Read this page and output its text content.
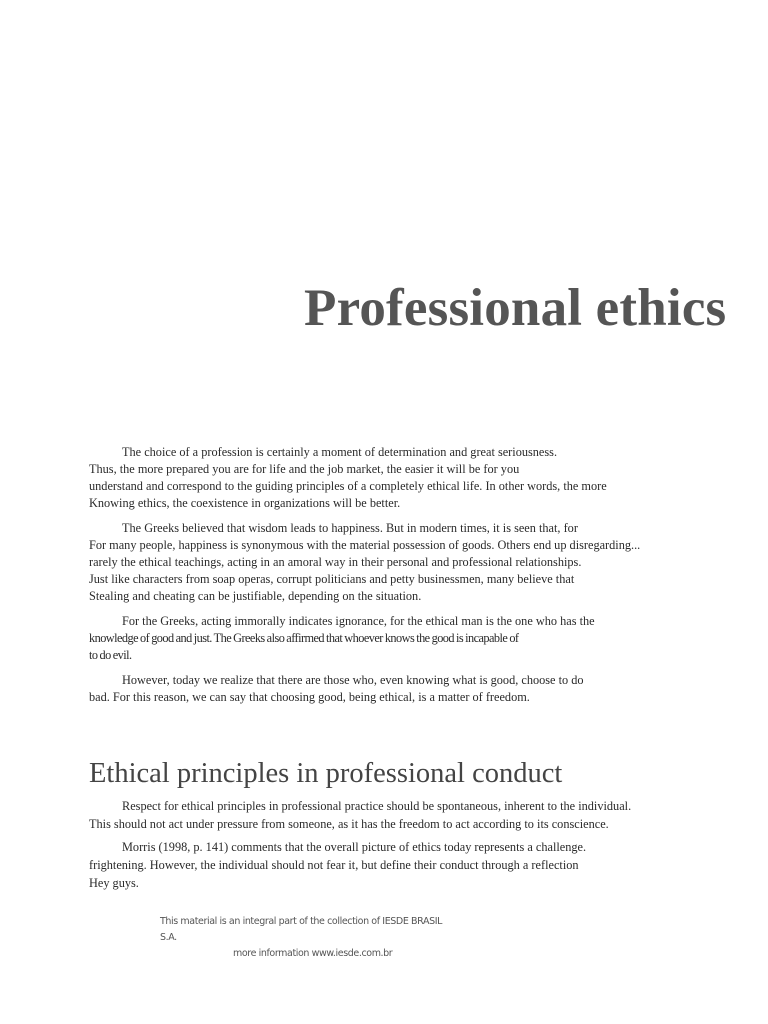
Professional ethics

The choice of a profession is certainly a moment of determination and great seriousness.
Thus, the more prepared you are for life and the job market, the easier it will be for you
understand and correspond to the guiding principles of a completely ethical life. In other words, the more
Knowing ethics, the coexistence in organizations will be better.

The Greeks believed that wisdom leads to happiness. But in modern times, it is seen that, for
For many people, happiness is synonymous with the material possession of goods. Others end up disregarding...
rarely the ethical teachings, acting in an amoral way in their personal and professional relationships.
Just like characters from soap operas, corrupt politicians and petty businessmen, many believe that
Stealing and cheating can be justifiable, depending on the situation.

For the Greeks, acting immorally indicates ignorance, for the ethical man is the one who has the
knowledge of good and just. The Greeks also affirmed that whoever knows the good is incapable of
to do evil.

However, today we realize that there are those who, even knowing what is good, choose to do
bad. For this reason, we can say that choosing good, being ethical, is a matter of freedom.

Ethical principles in professional conduct

Respect for ethical principles in professional practice should be spontaneous, inherent to the individual.
This should not act under pressure from someone, as it has the freedom to act according to its conscience.

Morris (1998, p. 141) comments that the overall picture of ethics today represents a challenge.
frightening. However, the individual should not fear it, but define their conduct through a reflection
Hey guys.

This material is an integral part of the collection of IESDE BRASIL S.A.
more information www.iesde.com.br
